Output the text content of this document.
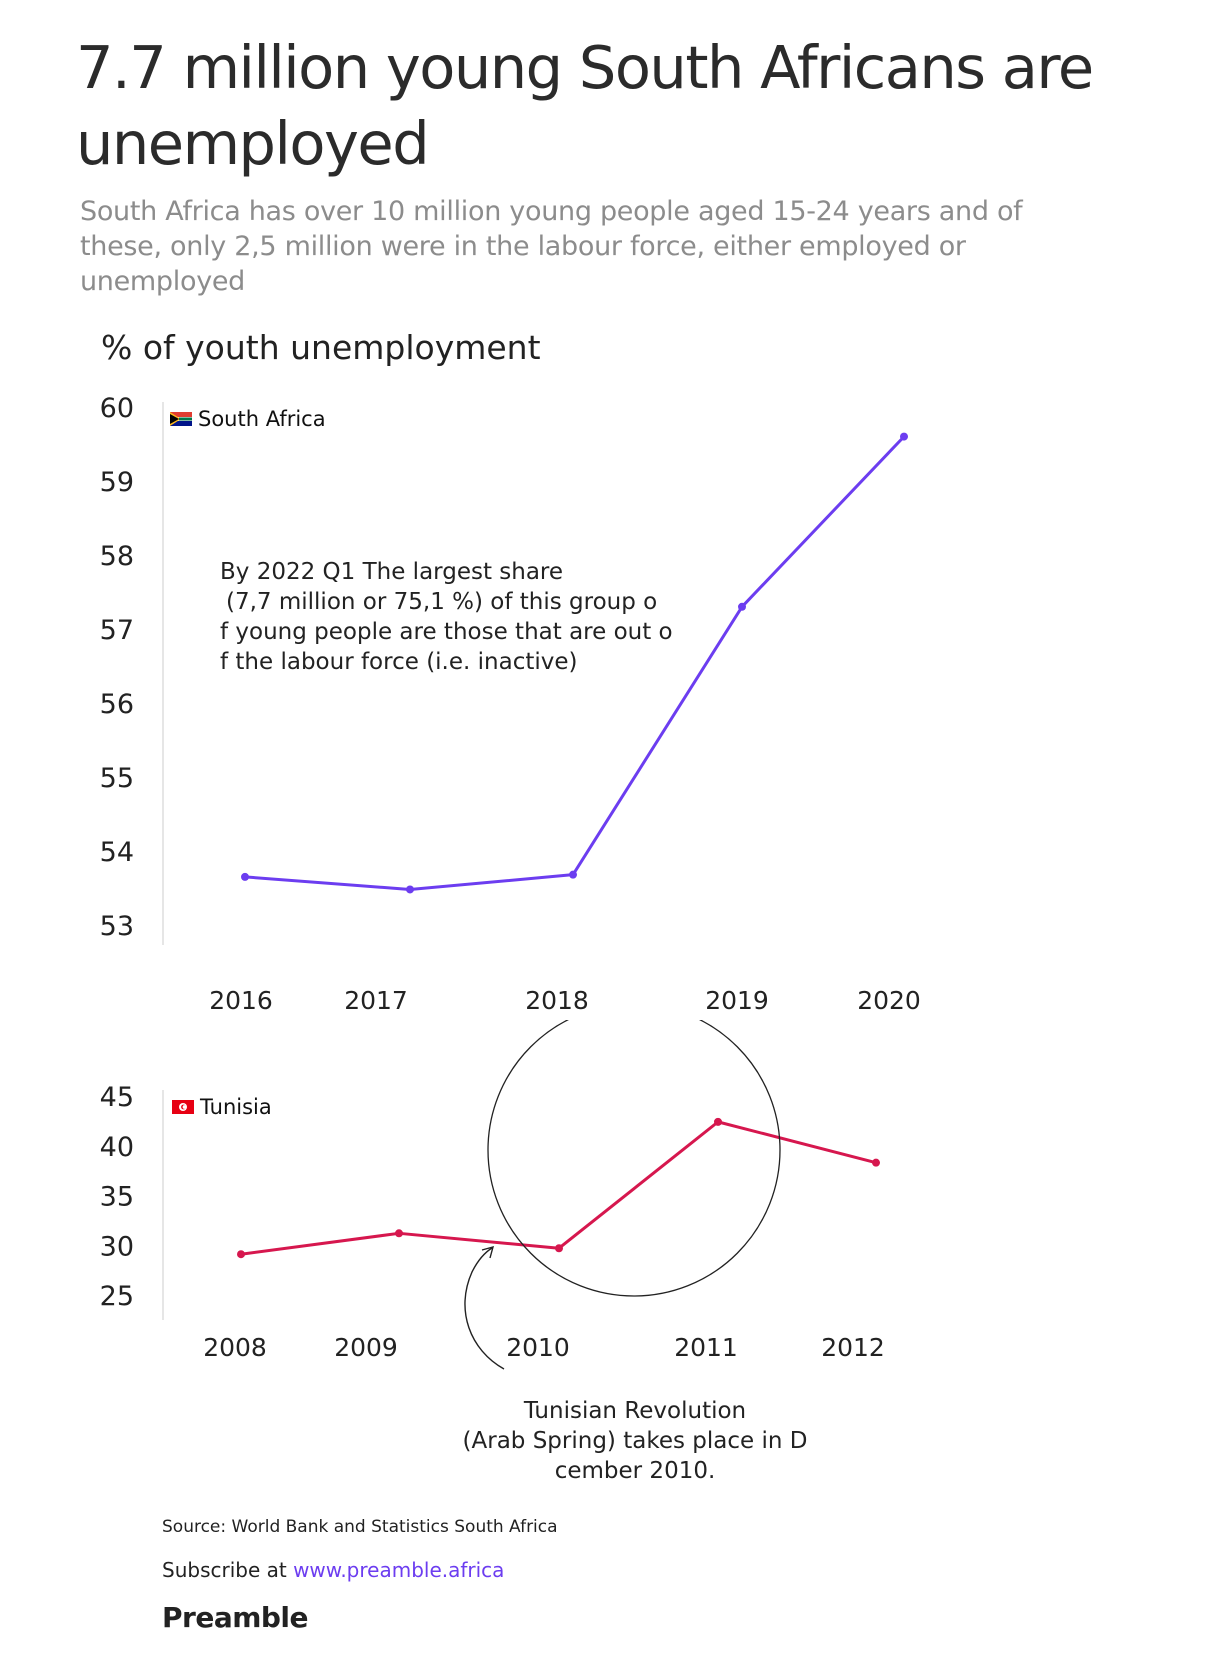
7.7 million young South Africans are unemployed

South Africa has over 10 million young people aged 15-24 years and of these, only 2,5 million were in the labour force, either employed or unemployed

% of youth unemployment
53
54
55
56
57
58
59
60
2016	2017	2018	2019	2020
South Africa
By 2022 Q1 The largest share (7,7 million or 75,1 %) of this group o f young people are those that are out o f the labour force (i.e. inactive)
25
30
35
40
45
2008	2009	2010	2011	2012
Tunisia
Tunisian Revolution (Arab Spring) takes place in D cember 2010.
Source: World Bank and Statistics South Africa
Subscribe at www.preamble.africa
Preamble
